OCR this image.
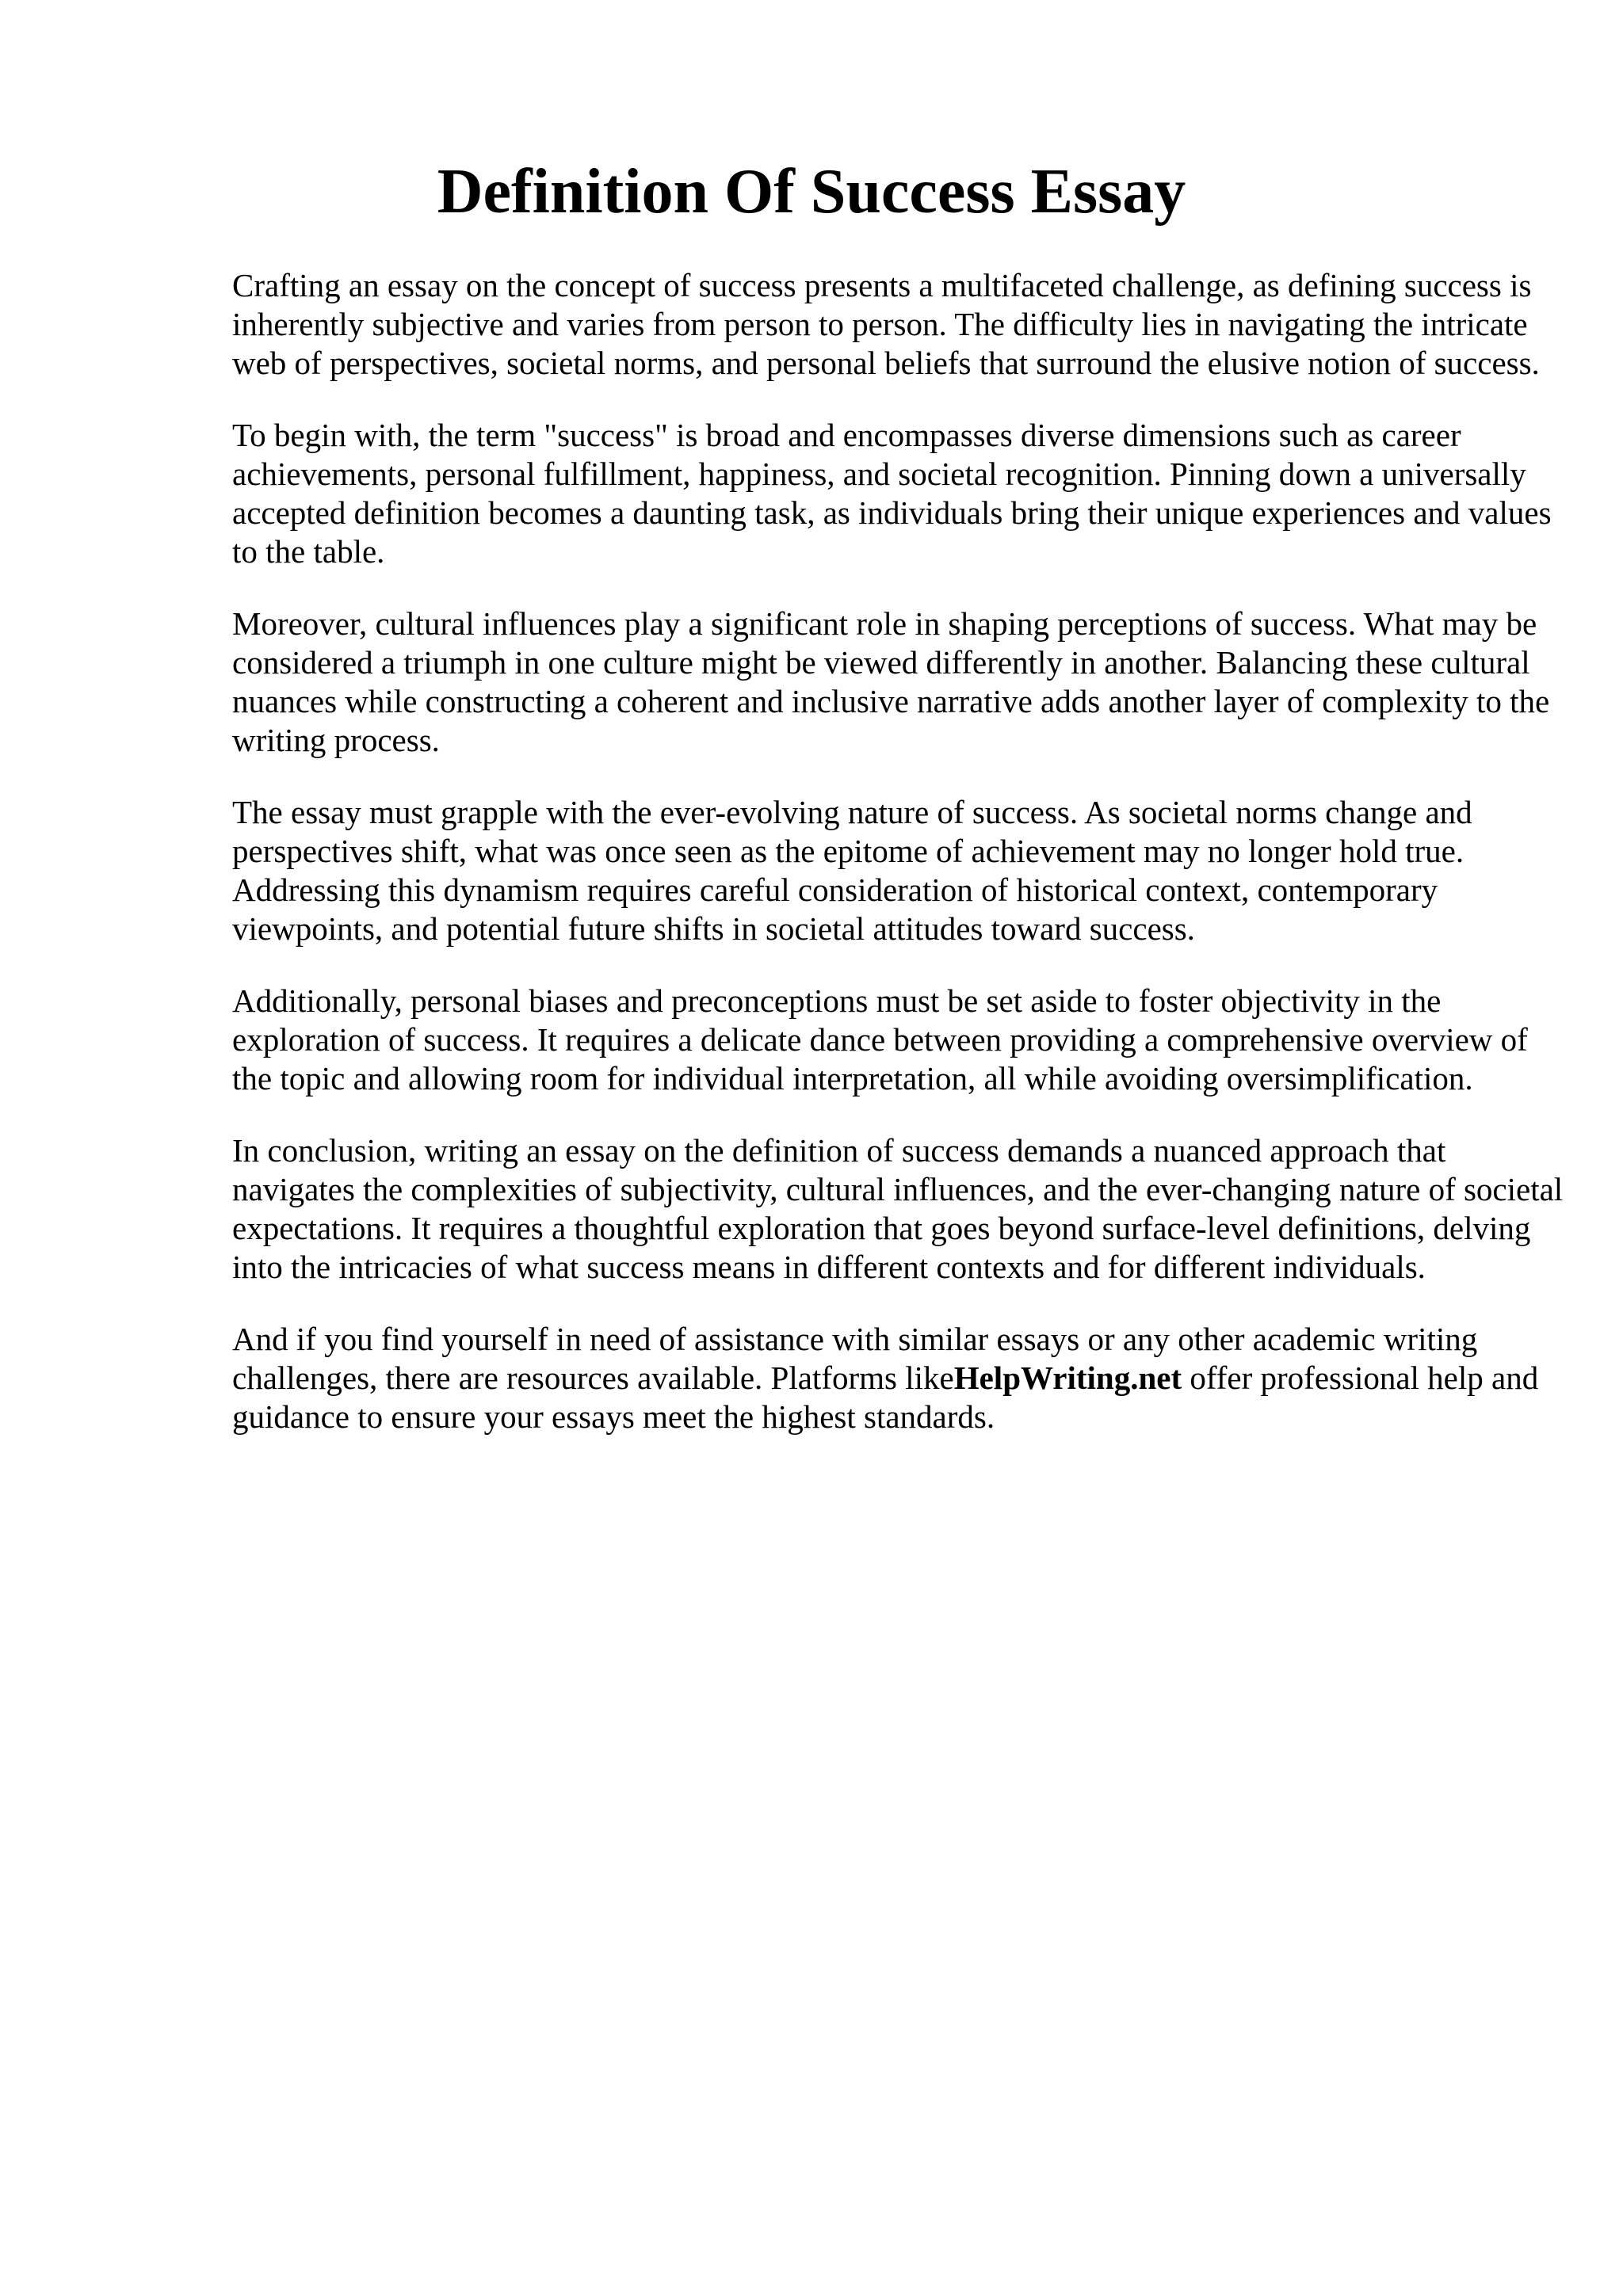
Definition Of Success Essay

Crafting an essay on the concept of success presents a multifaceted challenge, as defining success is inherently subjective and varies from person to person. The difficulty lies in navigating the intricate web of perspectives, societal norms, and personal beliefs that surround the elusive notion of success.

To begin with, the term "success" is broad and encompasses diverse dimensions such as career achievements, personal fulfillment, happiness, and societal recognition. Pinning down a universally accepted definition becomes a daunting task, as individuals bring their unique experiences and values to the table.

Moreover, cultural influences play a significant role in shaping perceptions of success. What may be considered a triumph in one culture might be viewed differently in another. Balancing these cultural nuances while constructing a coherent and inclusive narrative adds another layer of complexity to the writing process.

The essay must grapple with the ever-evolving nature of success. As societal norms change and perspectives shift, what was once seen as the epitome of achievement may no longer hold true. Addressing this dynamism requires careful consideration of historical context, contemporary viewpoints, and potential future shifts in societal attitudes toward success.

Additionally, personal biases and preconceptions must be set aside to foster objectivity in the exploration of success. It requires a delicate dance between providing a comprehensive overview of the topic and allowing room for individual interpretation, all while avoiding oversimplification.

In conclusion, writing an essay on the definition of success demands a nuanced approach that navigates the complexities of subjectivity, cultural influences, and the ever-changing nature of societal expectations. It requires a thoughtful exploration that goes beyond surface-level definitions, delving into the intricacies of what success means in different contexts and for different individuals.

And if you find yourself in need of assistance with similar essays or any other academic writing challenges, there are resources available. Platforms likeHelpWriting.net offer professional help and guidance to ensure your essays meet the highest standards.
